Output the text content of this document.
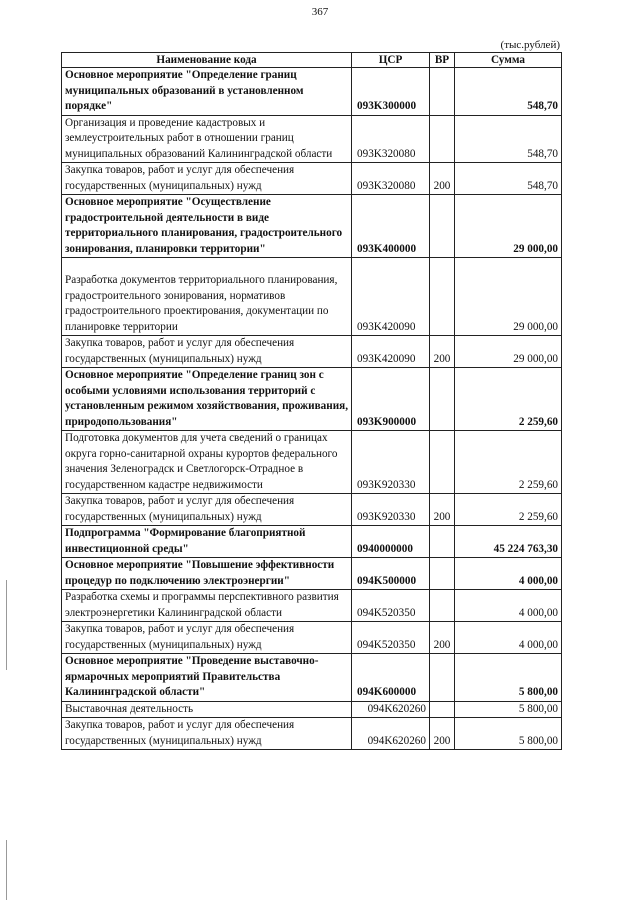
367
(тыс.рублей)
Наименование кода	ЦСР	ВР	Сумма
Основное мероприятие "Определение границ муниципальных образований в установленном порядке"	093K300000		548,70
Организация и проведение кадастровых и землеустроительных работ в отношении границ муниципальных образований Калининградской области	093K320080		548,70
Закупка товаров, работ и услуг для обеспечения государственных (муниципальных) нужд	093K320080	200	548,70
Основное мероприятие "Осуществление градостроительной деятельности в виде территориального планирования, градостроительного зонирования, планировки территории"	093K400000		29 000,00
Разработка документов территориального планирования, градостроительного зонирования, нормативов градостроительного проектирования, документации по планировке территории	093K420090		29 000,00
Закупка товаров, работ и услуг для обеспечения государственных (муниципальных) нужд	093K420090	200	29 000,00
Основное мероприятие "Определение границ зон с особыми условиями использования территорий с установленным режимом хозяйствования, проживания, природопользования"	093K900000		2 259,60
Подготовка документов для учета сведений о границах округа горно-санитарной охраны курортов федерального значения Зеленоградск и Светлогорск-Отрадное в государственном кадастре недвижимости	093K920330		2 259,60
Закупка товаров, работ и услуг для обеспечения государственных (муниципальных) нужд	093K920330	200	2 259,60
Подпрограмма "Формирование благоприятной инвестиционной среды"	0940000000		45 224 763,30
Основное мероприятие "Повышение эффективности процедур по подключению электроэнергии"	094K500000		4 000,00
Разработка схемы и программы перспективного развития электроэнергетики Калининградской области	094K520350		4 000,00
Закупка товаров, работ и услуг для обеспечения государственных (муниципальных) нужд	094K520350	200	4 000,00
Основное мероприятие "Проведение выставочно-ярмарочных мероприятий Правительства Калининградской области"	094K600000		5 800,00
Выставочная деятельность	094K620260		5 800,00
Закупка товаров, работ и услуг для обеспечения государственных (муниципальных) нужд	094K620260	200	5 800,00
